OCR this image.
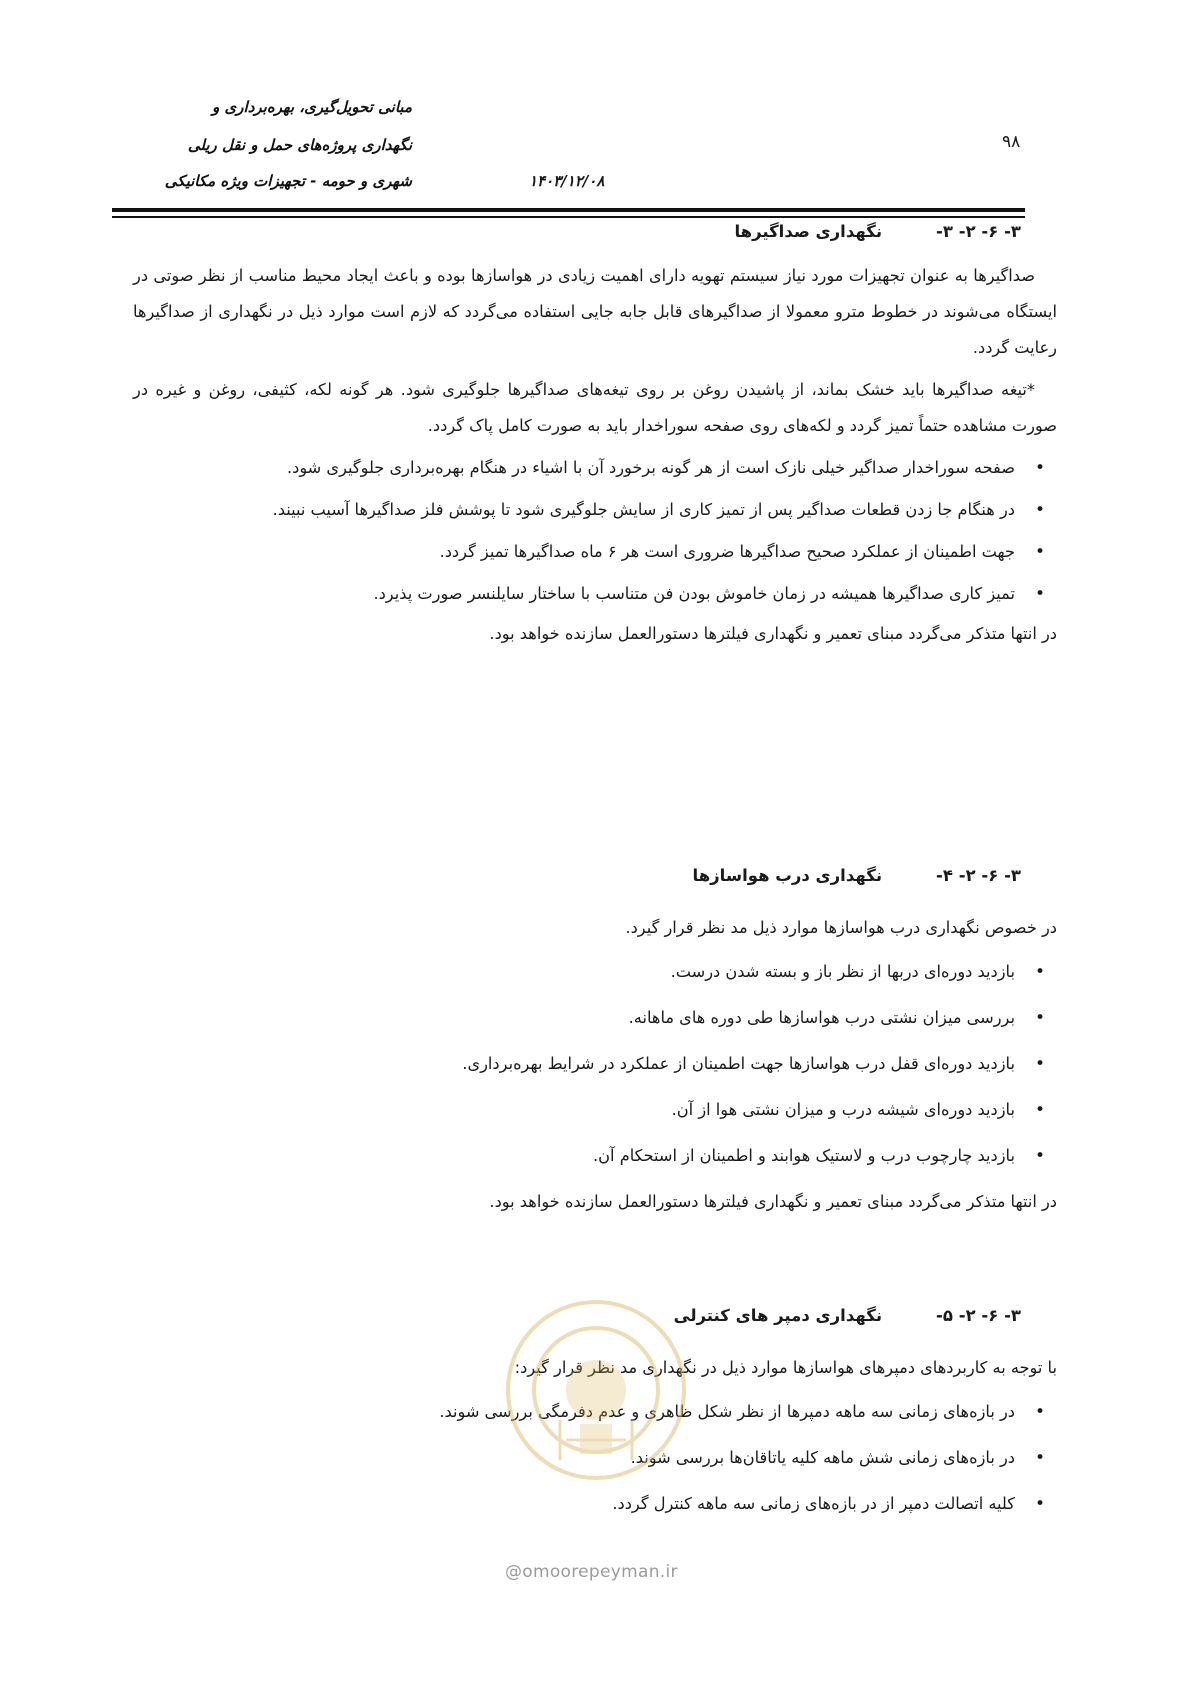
مبانی تحویل‌گیری، بهره‌برداری و
نگهداری پروژه‌های حمل و نقل ریلی
شهری و حومه - تجهیزات ویژه مکانیکی	۱۴۰۳/۱۲/۰۸
۹۸
۳- ۶- ۲- ۳-
نگهداری صداگیرها

صداگیرها به عنوان تجهیزات مورد نیاز سیستم تهویه دارای اهمیت زیادی در هواسازها بوده و باعث ایجاد محیط مناسب از نظر صوتی در ایستگاه می‌شوند در خطوط مترو معمولا از صداگیرهای قابل جابه جایی استفاده می‌گردد که لازم است موارد ذیل در نگهداری از صداگیرها رعایت گردد.

*تیغه صداگیرها باید خشک بماند، از پاشیدن روغن بر روی تیغه‌های صداگیرها جلوگیری شود. هر گونه لکه، کثیفی، روغن و غیره در صورت مشاهده حتماً تمیز گردد و لکه‌های روی صفحه سوراخدار باید به صورت کامل پاک گردد.

• صفحه سوراخدار صداگیر خیلی نازک است از هر گونه برخورد آن با اشیاء در هنگام بهره‌برداری جلوگیری شود.
• در هنگام جا زدن قطعات صداگیر پس از تمیز کاری از سایش جلوگیری شود تا پوشش فلز صداگیرها آسیب نبیند.
• جهت اطمینان از عملکرد صحیح صداگیرها ضروری است هر ۶ ماه صداگیرها تمیز گردد.
• تمیز کاری صداگیرها همیشه در زمان خاموش بودن فن متناسب با ساختار سایلنسر صورت پذیرد.

در انتها متذکر می‌گردد مبنای تعمیر و نگهداری فیلترها دستورالعمل سازنده خواهد بود.

۳- ۶- ۲- ۴-
نگهداری درب هواسازها

در خصوص نگهداری درب هواسازها موارد ذیل مد نظر قرار گیرد.

• بازدید دوره‌ای دربها از نظر باز و بسته شدن درست.
• بررسی میزان نشتی درب هواسازها طی دوره های ماهانه.
• بازدید دوره‌ای قفل درب هواسازها جهت اطمینان از عملکرد در شرایط بهره‌برداری.
• بازدید دوره‌ای شیشه درب و میزان نشتی هوا از آن.
• بازدید چارچوب درب و لاستیک هوابند و اطمینان از استحکام آن.

در انتها متذکر می‌گردد مبنای تعمیر و نگهداری فیلترها دستورالعمل سازنده خواهد بود.

۳- ۶- ۲- ۵-
نگهداری دمپر های کنترلی

با توجه به کاربردهای دمپرهای هواسازها موارد ذیل در نگهداری مد نظر قرار گیرد:

• در بازه‌های زمانی سه ماهه دمپرها از نظر شکل ظاهری و عدم دفرمگی بررسی شوند.
• در بازه‌های زمانی شش ماهه کلیه یاتاقان‌ها بررسی شوند.
• کلیه اتصالت دمپر از در بازه‌های زمانی سه ماهه کنترل گردد.
@omoorepeyman.ir
